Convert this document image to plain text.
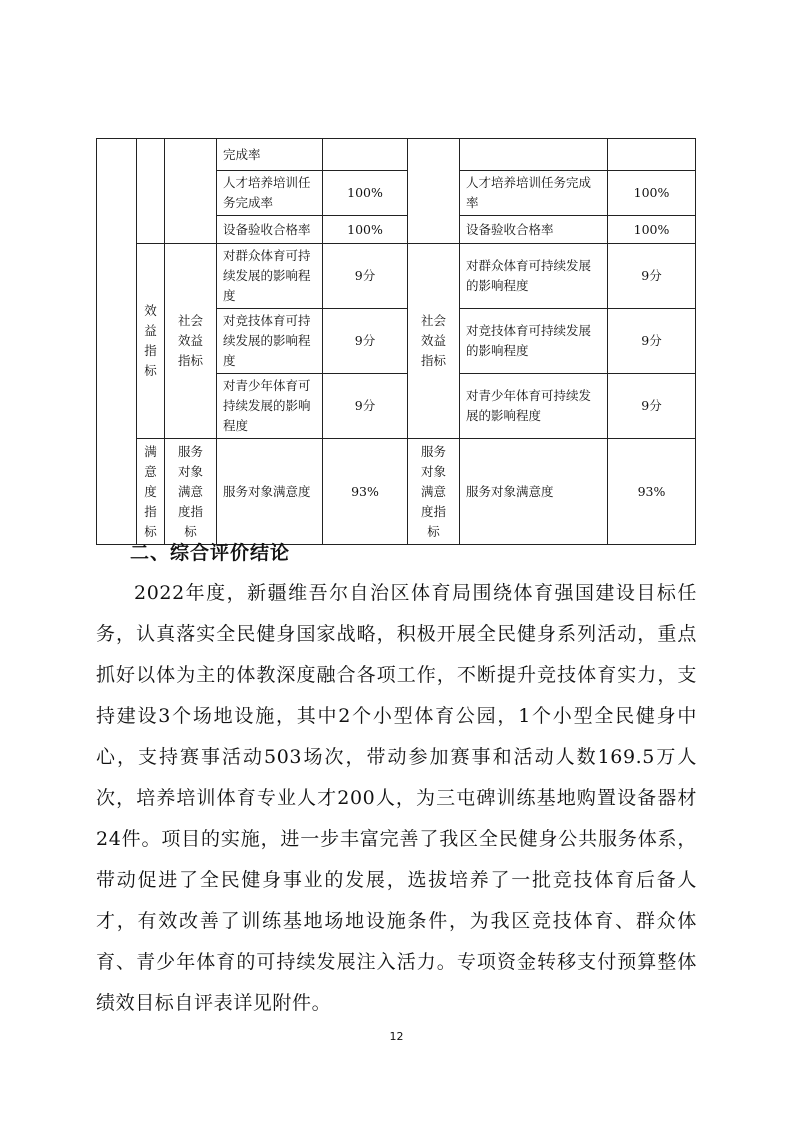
			完成率				
			人才培养培训任务完成率	100%		人才培养培训任务完成率	100%
			设备验收合格率	100%		设备验收合格率	100%
	效益指标	社会效益指标	对群众体育可持续发展的影响程度	9分	社会效益指标	对群众体育可持续发展的影响程度	9分
			对竞技体育可持续发展的影响程度	9分		对竞技体育可持续发展的影响程度	9分
			对青少年体育可持续发展的影响程度	9分		对青少年体育可持续发展的影响程度	9分
	满意度指标	服务对象满意度指标	服务对象满意度	93%	服务对象满意度指标	服务对象满意度	93%
二、综合评价结论

2022年度，新疆维吾尔自治区体育局围绕体育强国建设目标任务，认真落实全民健身国家战略，积极开展全民健身系列活动，重点抓好以体为主的体教深度融合各项工作，不断提升竞技体育实力，支持建设3个场地设施，其中2个小型体育公园，1个小型全民健身中心，支持赛事活动503场次，带动参加赛事和活动人数169.5万人次，培养培训体育专业人才200人，为三屯碑训练基地购置设备器材24件。项目的实施，进一步丰富完善了我区全民健身公共服务体系，带动促进了全民健身事业的发展，选拔培养了一批竞技体育后备人才，有效改善了训练基地场地设施条件，为我区竞技体育、群众体育、青少年体育的可持续发展注入活力。专项资金转移支付预算整体绩效目标自评表详见附件。

12
